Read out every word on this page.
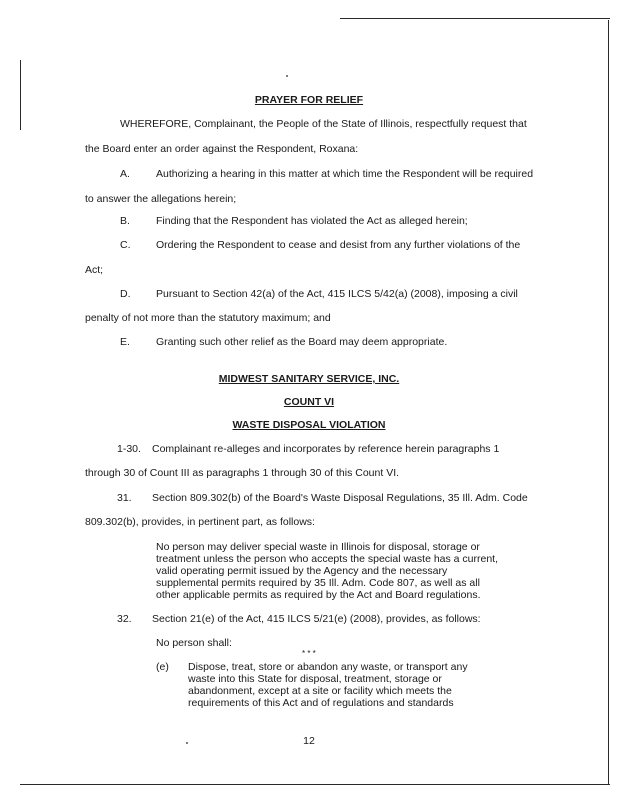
PRAYER FOR RELIEF
WHEREFORE, Complainant, the People of the State of Illinois, respectfully request that
the Board enter an order against the Respondent, Roxana:
A. Authorizing a hearing in this matter at which time the Respondent will be required
to answer the allegations herein;
B. Finding that the Respondent has violated the Act as alleged herein;
C. Ordering the Respondent to cease and desist from any further violations of the
Act;
D. Pursuant to Section 42(a) of the Act, 415 ILCS 5/42(a) (2008), imposing a civil
penalty of not more than the statutory maximum; and
E. Granting such other relief as the Board may deem appropriate.
MIDWEST SANITARY SERVICE, INC.
COUNT VI
WASTE DISPOSAL VIOLATION
1-30. Complainant re-alleges and incorporates by reference herein paragraphs 1
through 30 of Count III as paragraphs 1 through 30 of this Count VI.
31. Section 809.302(b) of the Board's Waste Disposal Regulations, 35 Ill. Adm. Code
809.302(b), provides, in pertinent part, as follows:
No person may deliver special waste in Illinois for disposal, storage or
treatment unless the person who accepts the special waste has a current,
valid operating permit issued by the Agency and the necessary
supplemental permits required by 35 Ill. Adm. Code 807, as well as all
other applicable permits as required by the Act and Board regulations.
32. Section 21(e) of the Act, 415 ILCS 5/21(e) (2008), provides, as follows:
No person shall:
* * *
(e) Dispose, treat, store or abandon any waste, or transport any
waste into this State for disposal, treatment, storage or
abandonment, except at a site or facility which meets the
requirements of this Act and of regulations and standards
12
